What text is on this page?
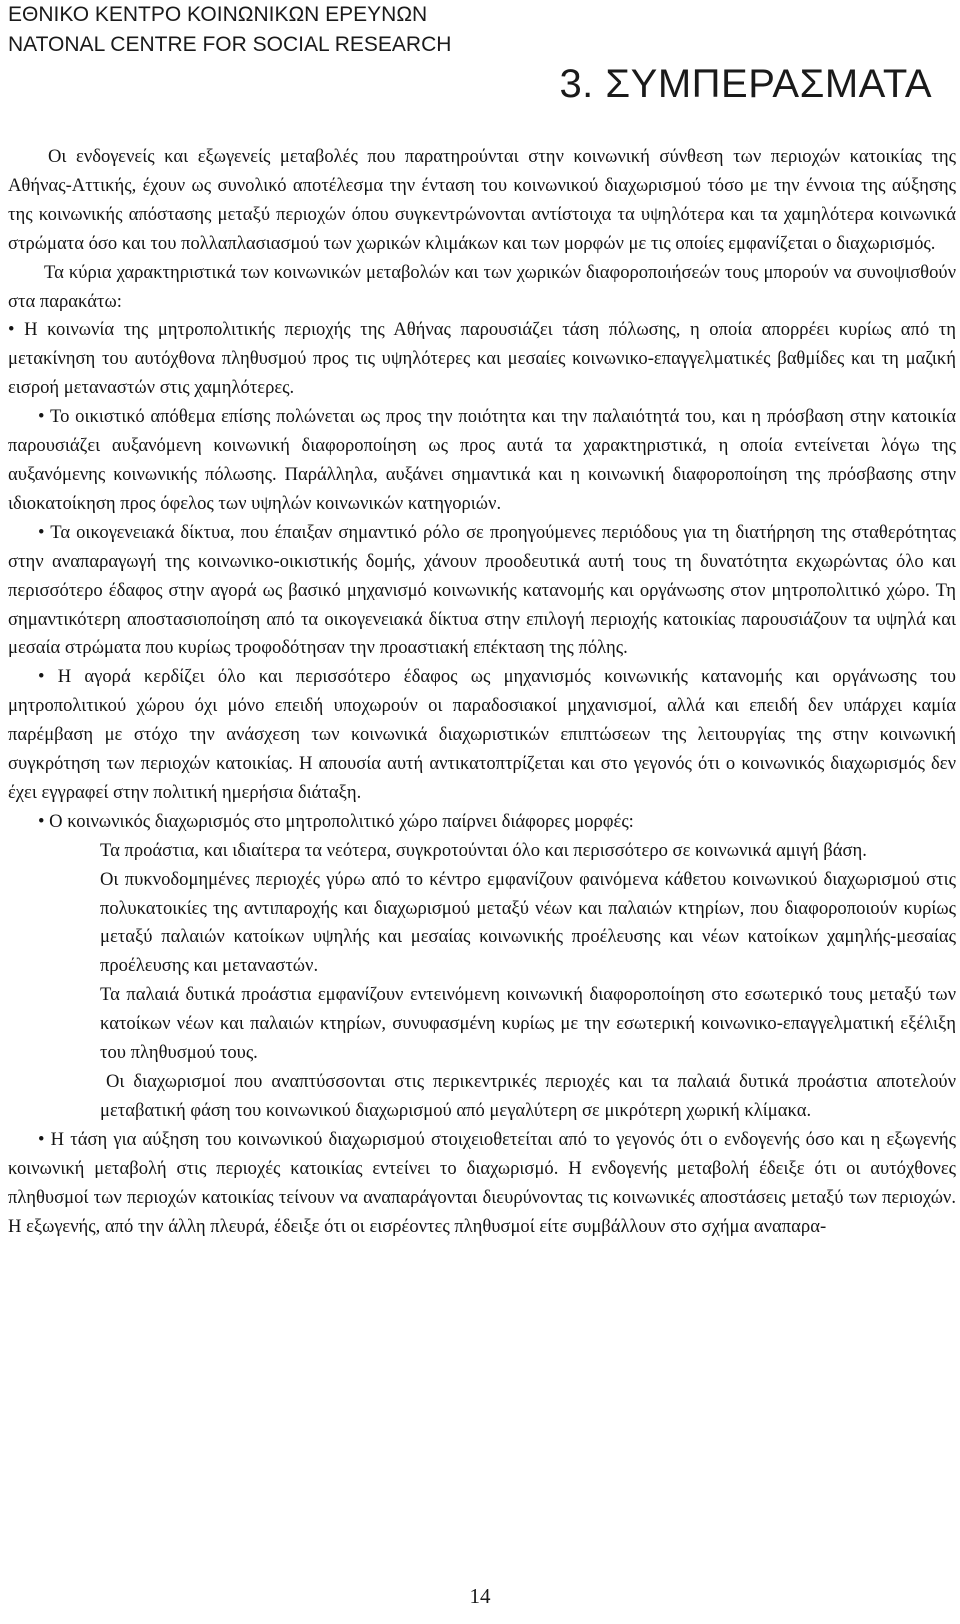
ΕΘΝΙΚΟ ΚΕΝΤΡΟ ΚΟΙΝΩΝΙΚΩΝ ΕΡΕΥΝΩΝ
NATONAL CENTRE FOR SOCIAL RESEARCH
3. ΣΥΜΠΕΡΑΣΜΑΤΑ

Οι ενδογενείς και εξωγενείς μεταβολές που παρατηρούνται στην κοινωνική σύνθεση των περιοχών κατοικίας της Αθήνας-Αττικής, έχουν ως συνολικό αποτέλεσμα την ένταση του κοινωνικού διαχωρισμού τόσο με την έννοια της αύξησης της κοινωνικής απόστασης μεταξύ περιοχών όπου συγκεντρώνονται αντίστοιχα τα υψηλότερα και τα χαμηλότερα κοινωνικά στρώματα όσο και του πολλαπλασιασμού των χωρικών κλιμάκων και των μορφών με τις οποίες εμφανίζεται ο διαχωρισμός.

Τα κύρια χαρακτηριστικά των κοινωνικών μεταβολών και των χωρικών διαφοροποιήσεών τους μπορούν να συνοψισθούν στα παρακάτω:

• Η κοινωνία της μητροπολιτικής περιοχής της Αθήνας παρουσιάζει τάση πόλωσης, η οποία απορρέει κυρίως από τη μετακίνηση του αυτόχθονα πληθυσμού προς τις υψηλότερες και μεσαίες κοινωνικο-επαγγελματικές βαθμίδες και τη μαζική εισροή μεταναστών στις χαμηλότερες.

• Το οικιστικό απόθεμα επίσης πολώνεται ως προς την ποιότητα και την παλαιότητά του, και η πρόσβαση στην κατοικία παρουσιάζει αυξανόμενη κοινωνική διαφοροποίηση ως προς αυτά τα χαρακτηριστικά, η οποία εντείνεται λόγω της αυξανόμενης κοινωνικής πόλωσης. Παράλληλα, αυξάνει σημαντικά και η κοινωνική διαφοροποίηση της πρόσβασης στην ιδιοκατοίκηση προς όφελος των υψηλών κοινωνικών κατηγοριών.

• Τα οικογενειακά δίκτυα, που έπαιξαν σημαντικό ρόλο σε προηγούμενες περιόδους για τη διατήρηση της σταθερότητας στην αναπαραγωγή της κοινωνικο-οικιστικής δομής, χάνουν προοδευτικά αυτή τους τη δυνατότητα εκχωρώντας όλο και περισσότερο έδαφος στην αγορά ως βασικό μηχανισμό κοινωνικής κατανομής και οργάνωσης στον μητροπολιτικό χώρο. Τη σημαντικότερη αποστασιοποίηση από τα οικογενειακά δίκτυα στην επιλογή περιοχής κατοικίας παρουσιάζουν τα υψηλά και μεσαία στρώματα που κυρίως τροφοδότησαν την προαστιακή επέκταση της πόλης.

• Η αγορά κερδίζει όλο και περισσότερο έδαφος ως μηχανισμός κοινωνικής κατανομής και οργάνωσης του μητροπολιτικού χώρου όχι μόνο επειδή υποχωρούν οι παραδοσιακοί μηχανισμοί, αλλά και επειδή δεν υπάρχει καμία παρέμβαση με στόχο την ανάσχεση των κοινωνικά διαχωριστικών επιπτώσεων της λειτουργίας της στην κοινωνική συγκρότηση των περιοχών κατοικίας. Η απουσία αυτή αντικατοπτρίζεται και στο γεγονός ότι ο κοινωνικός διαχωρισμός δεν έχει εγγραφεί στην πολιτική ημερήσια διάταξη.

• Ο κοινωνικός διαχωρισμός στο μητροπολιτικό χώρο παίρνει διάφορες μορφές:

Τα προάστια, και ιδιαίτερα τα νεότερα, συγκροτούνται όλο και περισσότερο σε κοινωνικά αμιγή βάση.

Οι πυκνοδομημένες περιοχές γύρω από το κέντρο εμφανίζουν φαινόμενα κάθετου κοινωνικού διαχωρισμού στις πολυκατοικίες της αντιπαροχής και διαχωρισμού μεταξύ νέων και παλαιών κτηρίων, που διαφοροποιούν κυρίως μεταξύ παλαιών κατοίκων υψηλής και μεσαίας κοινωνικής προέλευσης και νέων κατοίκων χαμηλής-μεσαίας προέλευσης και μεταναστών.

Τα παλαιά δυτικά προάστια εμφανίζουν εντεινόμενη κοινωνική διαφοροποίηση στο εσωτερικό τους μεταξύ των κατοίκων νέων και παλαιών κτηρίων, συνυφασμένη κυρίως με την εσωτερική κοινωνικο-επαγγελματική εξέλιξη του πληθυσμού τους.

Οι διαχωρισμοί που αναπτύσσονται στις περικεντρικές περιοχές και τα παλαιά δυτικά προάστια αποτελούν μεταβατική φάση του κοινωνικού διαχωρισμού από μεγαλύτερη σε μικρότερη χωρική κλίμακα.

• Η τάση για αύξηση του κοινωνικού διαχωρισμού στοιχειοθετείται από το γεγονός ότι ο ενδογενής όσο και η εξωγενής κοινωνική μεταβολή στις περιοχές κατοικίας εντείνει το διαχωρισμό. Η ενδογενής μεταβολή έδειξε ότι οι αυτόχθονες πληθυσμοί των περιοχών κατοικίας τείνουν να αναπαράγονται διευρύνοντας τις κοινωνικές αποστάσεις μεταξύ των περιοχών. Η εξωγενής, από την άλλη πλευρά, έδειξε ότι οι εισρέοντες πληθυσμοί είτε συμβάλλουν στο σχήμα αναπαρα-

14
